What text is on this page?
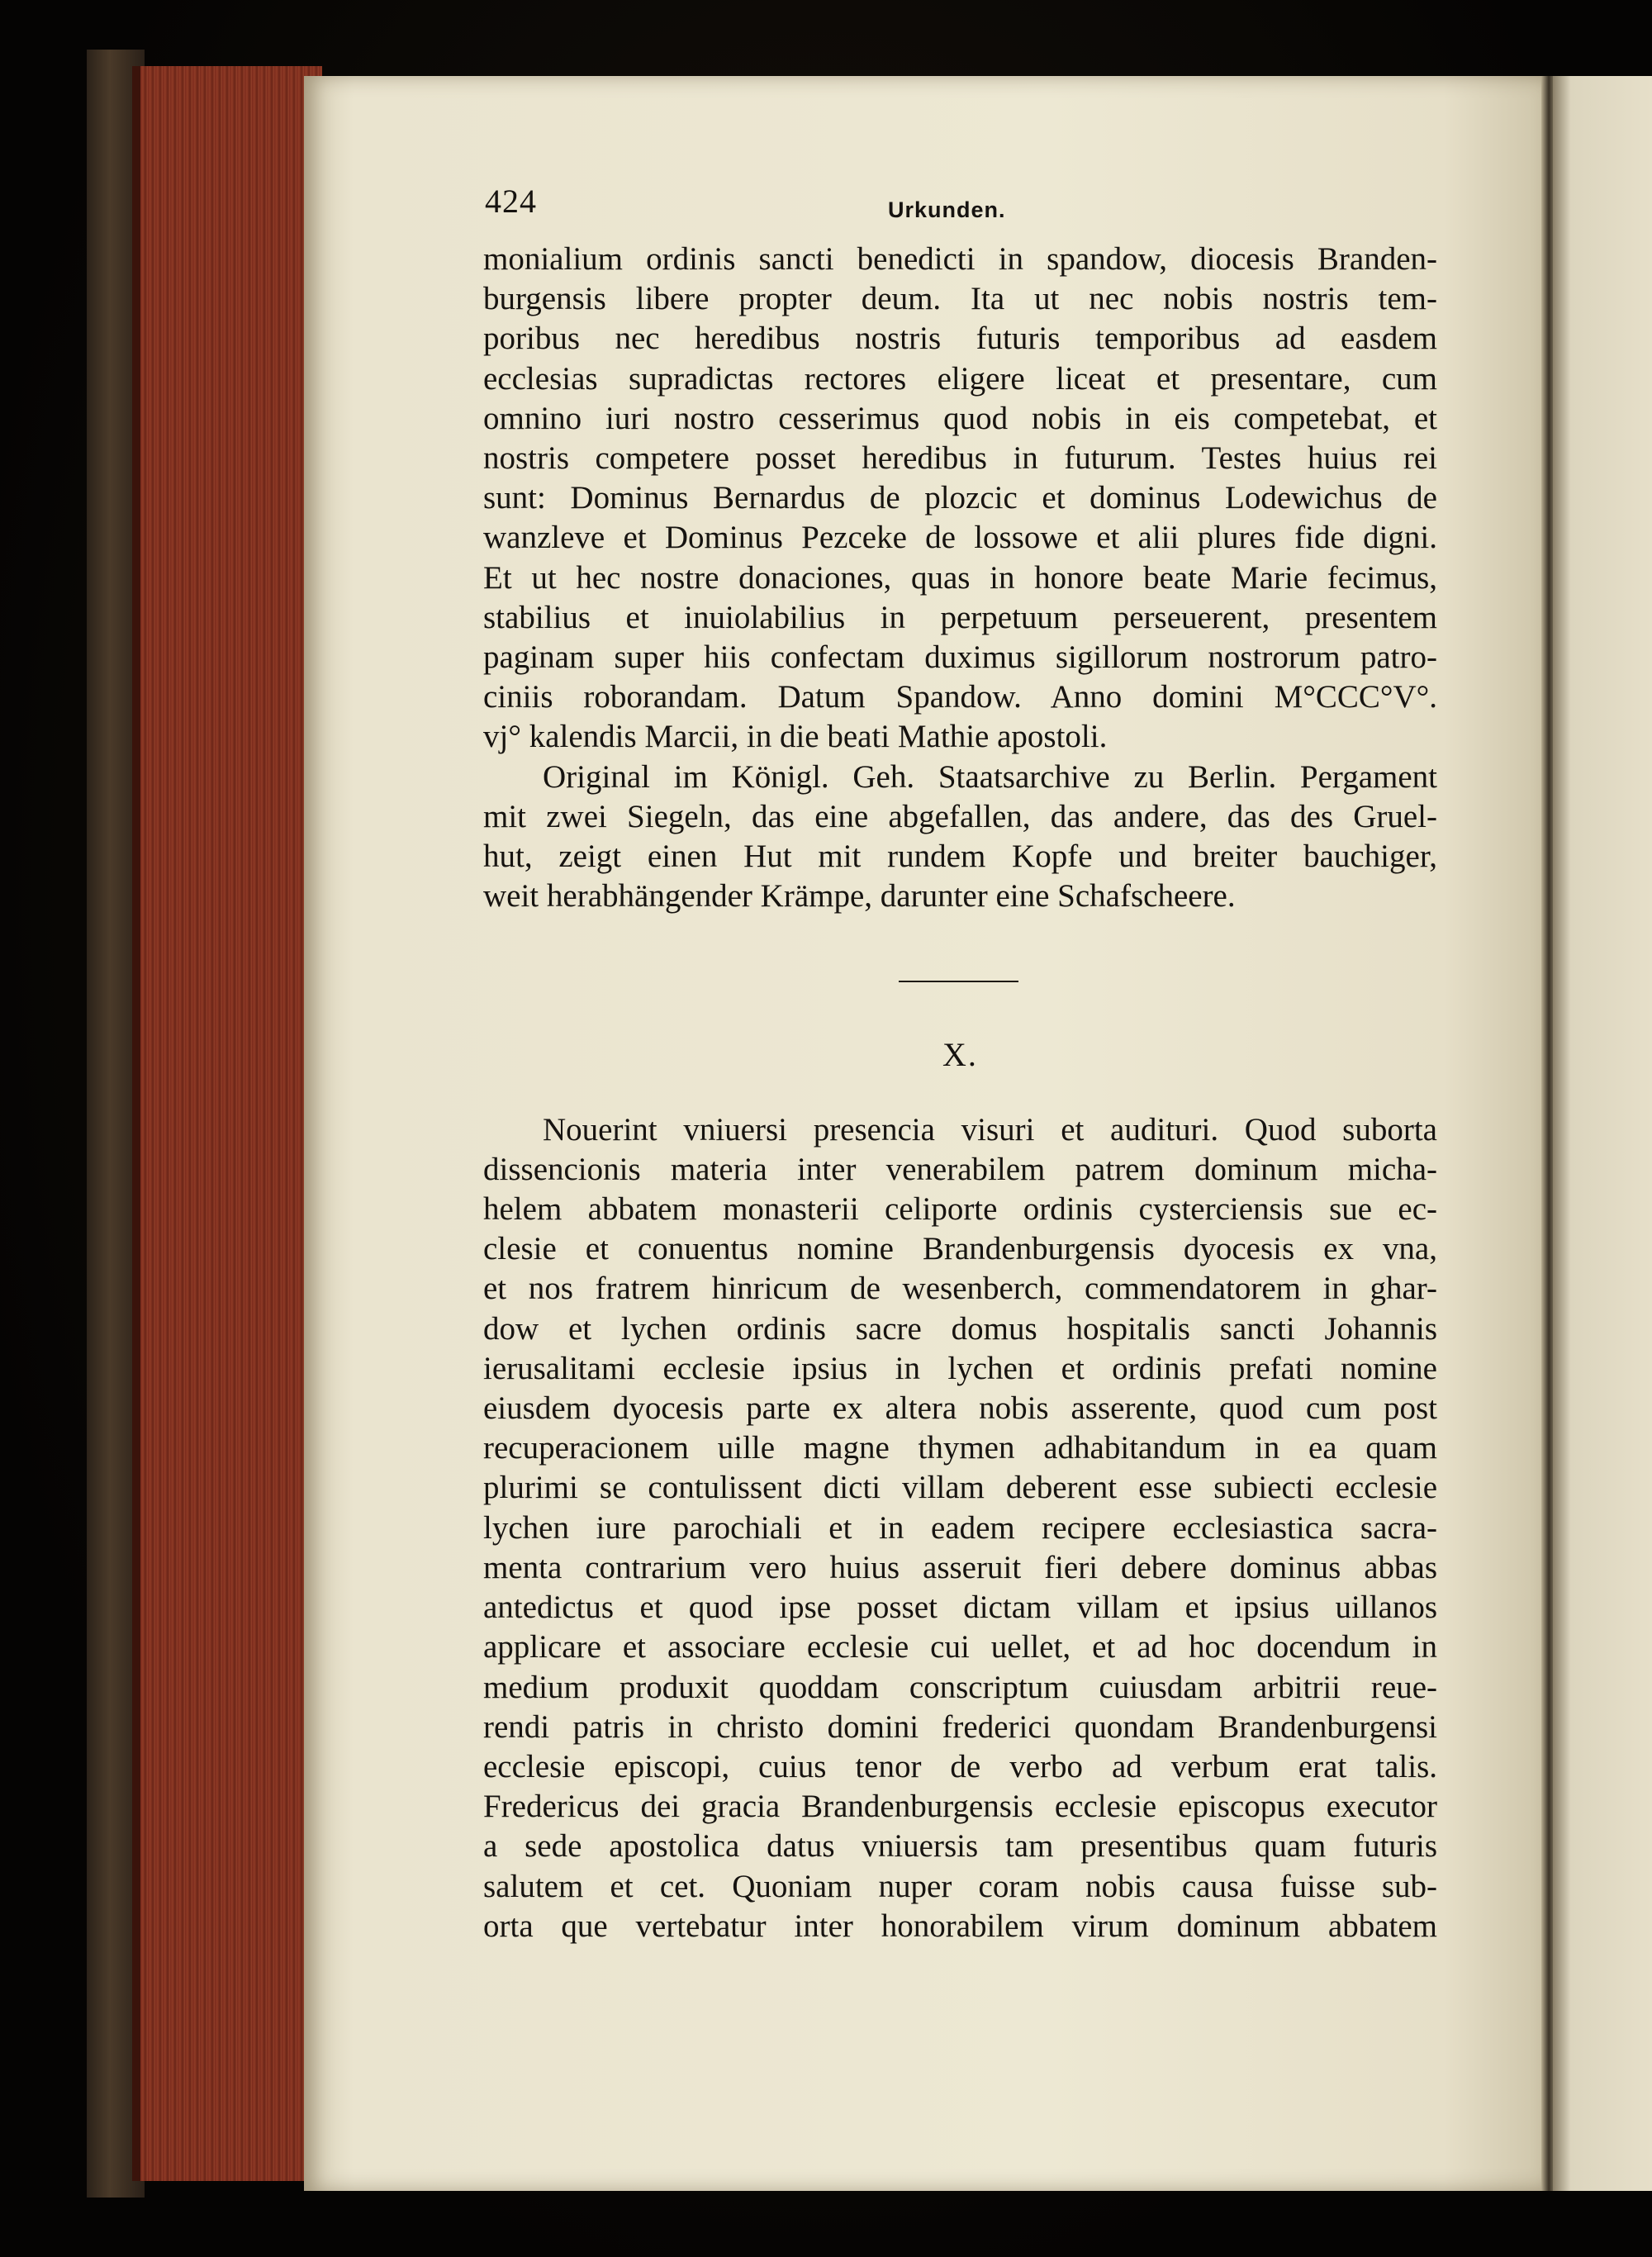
424	Urkunden.
monialium ordinis sancti benedicti in spandow, diocesis Branden-
burgensis libere propter deum. Ita ut nec nobis nostris tem-
poribus nec heredibus nostris futuris temporibus ad easdem
ecclesias supradictas rectores eligere liceat et presentare, cum
omnino iuri nostro cesserimus quod nobis in eis competebat, et
nostris competere posset heredibus in futurum. Testes huius rei
sunt: Dominus Bernardus de plozcic et dominus Lodewichus de
wanzleve et Dominus Pezceke de lossowe et alii plures fide digni.
Et ut hec nostre donaciones, quas in honore beate Marie fecimus,
stabilius et inuiolabilius in perpetuum perseuerent, presentem
paginam super hiis confectam duximus sigillorum nostrorum patro-
ciniis roborandam. Datum Spandow. Anno domini M°CCC°V°.
vj° kalendis Marcii, in die beati Mathie apostoli.
Original im Königl. Geh. Staatsarchive zu Berlin. Pergament
mit zwei Siegeln, das eine abgefallen, das andere, das des Gruel-
hut, zeigt einen Hut mit rundem Kopfe und breiter bauchiger,
weit herabhängender Krämpe, darunter eine Schafscheere.
X.
Nouerint vniuersi presencia visuri et audituri. Quod suborta
dissencionis materia inter venerabilem patrem dominum micha-
helem abbatem monasterii celiporte ordinis cysterciensis sue ec-
clesie et conuentus nomine Brandenburgensis dyocesis ex vna,
et nos fratrem hinricum de wesenberch, commendatorem in ghar-
dow et lychen ordinis sacre domus hospitalis sancti Johannis
ierusalitami ecclesie ipsius in lychen et ordinis prefati nomine
eiusdem dyocesis parte ex altera nobis asserente, quod cum post
recuperacionem uille magne thymen adhabitandum in ea quam
plurimi se contulissent dicti villam deberent esse subiecti ecclesie
lychen iure parochiali et in eadem recipere ecclesiastica sacra-
menta contrarium vero huius asseruit fieri debere dominus abbas
antedictus et quod ipse posset dictam villam et ipsius uillanos
applicare et associare ecclesie cui uellet, et ad hoc docendum in
medium produxit quoddam conscriptum cuiusdam arbitrii reue-
rendi patris in christo domini frederici quondam Brandenburgensi
ecclesie episcopi, cuius tenor de verbo ad verbum erat talis.
Fredericus dei gracia Brandenburgensis ecclesie episcopus executor
a sede apostolica datus vniuersis tam presentibus quam futuris
salutem et cet. Quoniam nuper coram nobis causa fuisse sub-
orta que vertebatur inter honorabilem virum dominum abbatem
